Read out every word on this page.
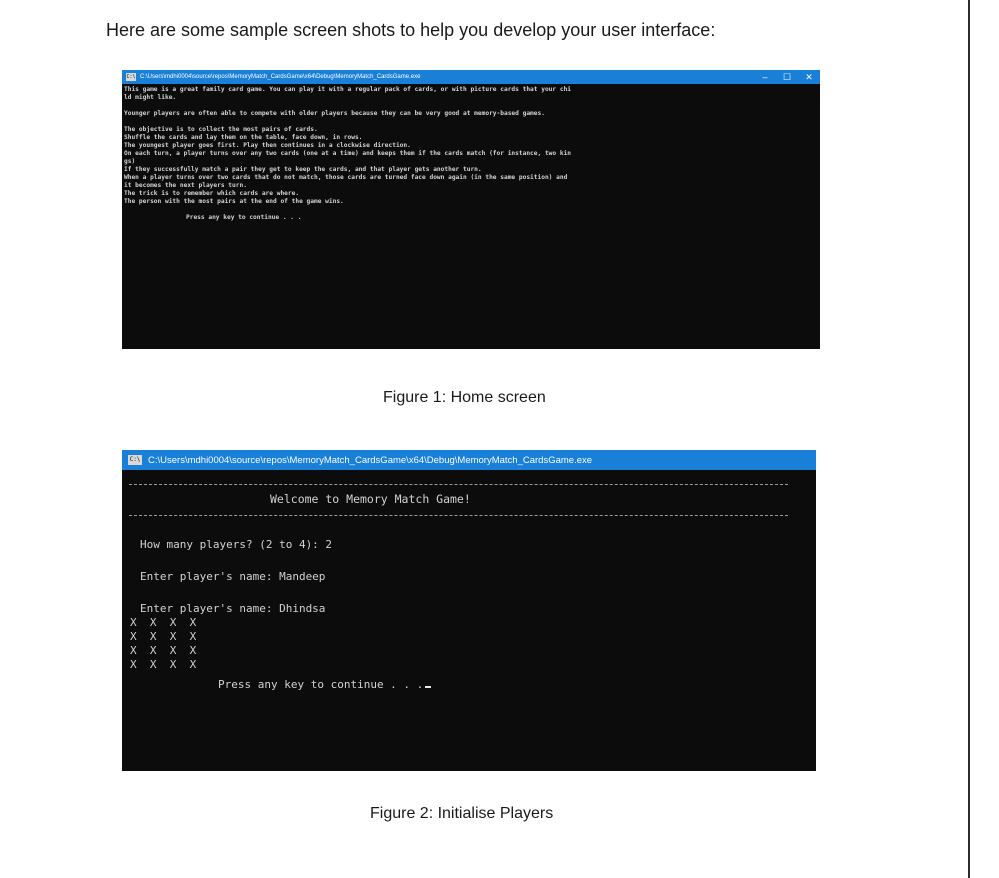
Here are some sample screen shots to help you develop your user interface:
C:\ C:\Users\mdhi0004\source\repos\MemoryMatch_CardsGame\x64\Debug\MemoryMatch_CardsGame.exe	–	☐	✕
This game is a great family card game. You can play it with a regular pack of cards, or with picture cards that your chi
ld might like.
Younger players are often able to compete with older players because they can be very good at memory-based games.
The objective is to collect the most pairs of cards.
Shuffle the cards and lay them on the table, face down, in rows.
The youngest player goes first. Play then continues in a clockwise direction.
On each turn, a player turns over any two cards (one at a time) and keeps them if the cards match (for instance, two kin
gs)
If they successfully match a pair they get to keep the cards, and that player gets another turn.
When a player turns over two cards that do not match, those cards are turned face down again (in the same position) and
it becomes the next players turn.
The trick is to remember which cards are where.
The person with the most pairs at the end of the game wins.
Press any key to continue . . .
Figure 1: Home screen
C:\ C:\Users\mdhi0004\source\repos\MemoryMatch_CardsGame\x64\Debug\MemoryMatch_CardsGame.exe
Welcome to Memory Match Game!
How many players? (2 to 4): 2
Enter player's name: Mandeep
Enter player's name: Dhindsa
X  X  X  X
X  X  X  X
X  X  X  X
X  X  X  X
Press any key to continue . . .
Figure 2: Initialise Players
